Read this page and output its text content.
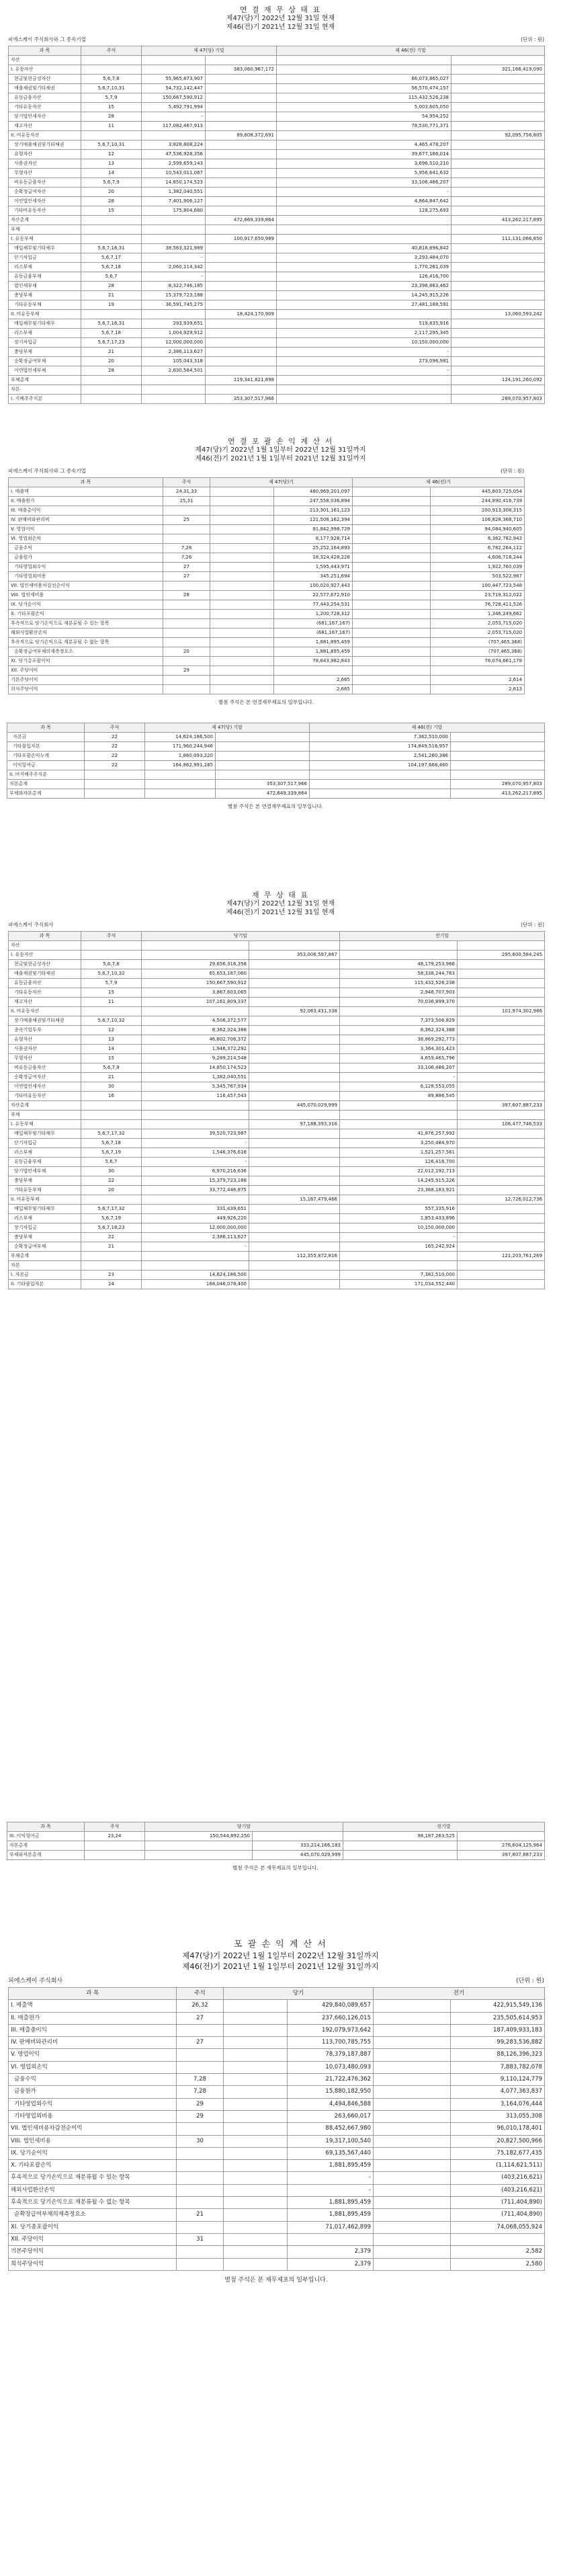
연 결 재 무 상 태 표
제47(당)기 2022년 12월 31일 현재
제46(전)기 2021년 12월 31일 현재
피에스케이 주식회사와 그 종속기업	(단위 : 원)
과 목	주석	제 47(당) 기말		제 46(전) 기말	
자산					
I. 유동자산			383,060,967,172		321,166,419,090
현금및현금성자산	5,6,7,8	55,965,873,907		66,073,865,027	
매출채권및기타채권	5,6,7,10,31	54,732,142,447		56,570,474,157	
유동금융자산	5,7,9	150,667,590,912		115,432,526,238	
기타유동자산	15	5,492,791,994		5,003,605,050	
당기법인세자산	28	-		54,954,252	
재고자산	11	117,082,467,913		78,530,771,371	
II. 비유동자산			89,608,372,691		92,095,756,805
장기매출채권및기타채권	5,6,7,10,31	3,828,808,224		4,465,478,207	
유형자산	12	47,536,928,356		39,677,166,014	
사용권자산	13	2,599,659,143		3,696,510,210	
무형자산	14	10,543,011,067		5,956,641,632	
비유동금융자산	5,6,7,9	14,850,174,523		33,106,486,207	
순확정급여자산	20	1,382,040,551		-	
이연법인세자산	28	7,401,906,127		4,864,847,642	
기타비유동자산	15	175,804,680		128,275,693	
자산총계			472,669,339,864		413,262,217,895
부채					
I. 유동부채			100,917,650,989		111,131,066,850
매입채무및기타채무	5,6,7,16,31	38,563,321,989		40,816,896,842	
단기차입금	5,6,7,17	-		3,293,484,070	
리스부채	5,6,7,18	2,060,114,342		1,770,261,039	
유동금융부채	5,6,7	-		126,416,700	
법인세부채	28	8,322,746,185		23,396,863,462	
충당부채	21	15,379,723,188		14,245,915,226	
기타유동부채	19	36,591,745,275		27,481,188,591	
II. 비유동부채			18,424,170,909		13,060,593,242
매입채무및기타채무	5,6,7,16,31	293,939,651		519,835,916	
리스부채	5,6,7,18	1,004,929,912		2,117,295,345	
장기차입금	5,6,7,17,23	12,000,000,000		10,150,000,000	
충당부채	21	2,386,113,627		-	
순확정급여부채	20	105,043,318		273,096,981	
이연법인세부채	28	2,630,584,501		-	
부채총계			119,341,821,898		124,191,260,092
자본					
I. 지배주주지분			353,307,517,966		289,070,957,803
연 결 포 괄 손 익 계 산 서
제47(당)기 2022년 1월 1일부터 2022년 12월 31일까지
제46(전)기 2021년 1월 1일부터 2021년 12월 31일까지
피에스케이 주식회사와 그 종속기업	(단위 : 원)
과 목	주석	제 47(당)기		제 46(전)기	
I. 매출액	24,31,33		480,969,201,097		445,803,725,054
II. 매출원가	25,31		247,558,036,894		244,890,416,739
III. 매출총이익			213,301,161,123		200,913,308,315
IV. 판매비와관리비	25		121,508,162,394		106,828,368,710
V. 영업이익			91,842,998,729		94,084,940,605
VI. 영업외손익			8,177,928,714		6,362,782,943
금융수익	7,26		25,252,164,893		6,782,264,112
금융원가	7,26		18,324,428,228		4,606,718,244
기타영업외수익	27		1,595,443,971		1,922,760,039
기타영업외비용	27		345,251,694		503,522,967
VII. 법인세비용차감전순이익			100,020,927,443		100,447,723,548
VIII. 법인세비용	28		22,577,672,910		23,719,312,022
IX. 당기순이익			77,443,254,531		76,728,411,526
X. 기타포괄손익			1,200,728,312		1,346,249,662
후속적으로 당기손익으로 재분류될 수 있는 항목			(681,167,167)		2,053,715,020
해외사업환산손익			(681,167,167)		2,053,715,020
후속적으로 당기손익으로 재분류될 수 없는 항목			1,881,895,459		(707,465,368)
순확정급여부채의재측정요소	20		1,881,895,459		(707,465,368)
XI. 당기총포괄이익			78,643,982,843		78,074,661,178
XII. 주당이익	29				
기본주당이익			2,665		2,614
희석주당이익			2,665		2,613
별첨 주석은 본 연결재무제표의 일부입니다.
과 목	주석	제 47(당) 기말		제 46(전) 기말	
자본금	22	14,624,186,500		7,382,510,000	
기타불입자본	22	171,960,244,946		174,849,516,957	
기타포괄손익누계	22	1,860,093,220		2,541,260,386	
이익잉여금	22	164,862,991,285		104,197,668,460	
II. 비지배주주지분					
자본총계			353,307,517,966		289,070,957,803
부채와자본총계			472,649,339,864		413,262,217,895
별첨 주석은 본 연결재무제표의 일부입니다.
재 무 상 태 표
제47(당)기 2022년 12월 31일 현재
제46(전)기 2021년 12월 31일 현재
피에스케이 주식회사	(단위 : 원)
과 목	주석	당기말		전기말	
자산					
I. 유동자산			353,006,597,867		295,600,584,245
현금및현금성자산	5,6,7,8	29,656,316,358		48,179,253,966	
매출채권및기타채권	5,6,7,10,32	65,653,187,060		58,338,244,763	
유동금융자산	5,7,9	150,667,590,912		115,432,526,238	
기타유동자산	15	3,867,603,065		2,946,707,903	
재고자산	11	107,161,809,337		70,036,899,370	
II. 비유동자산			92,063,431,338		101,974,302,986
장기매출채권및기타채권	5,6,7,10,32	4,506,372,577		7,373,506,829	
종속기업투자	12	8,362,324,388		8,362,324,388	
유형자산	13	46,802,706,372		38,869,292,773	
사용권자산	14	1,946,372,292		3,364,301,423	
무형자산	15	9,289,214,548		4,659,465,796	
비유동금융자산	5,6,7,9	14,850,174,523		33,106,486,207	
순확정급여자산	21	1,382,040,551		-	
이연법인세자산	30	5,345,767,934		6,128,553,055	
기타비유동자산	16	116,457,543		89,886,545	
자산총계			445,070,029,999		397,607,887,233
부채					
I. 유동부채			97,188,393,316		106,477,746,533
매입채무및기타채무	5,6,7,17,32	39,520,723,987		41,876,257,992	
단기차입금	5,6,7,18	-		3,250,484,970	
리스부채	5,6,7,19	1,546,376,618		1,521,257,561	
유동금융부채	5,6,7	-		126,416,700	
당기법인세부채	30	6,970,216,636		22,012,192,713	
충당부채	22	15,379,723,188		14,245,915,226	
기타유동부채	20	33,772,446,875		23,368,183,921	
II. 비유동부채			15,167,479,466		12,726,012,736
매입채무및기타채무	5,6,7,17,32	331,439,651		557,335,916	
리스부채	5,6,7,19	449,926,220		1,853,433,896	
장기차입금	5,6,7,18,23	12,000,000,000		10,150,000,000	
충당부채	22	2,386,113,627		-	
순확정급여부채	21	-		165,242,924	
부채총계			112,355,872,816		121,203,761,269
자본					
I. 자본금	23	14,624,186,500		7,382,510,000	
II. 기타불입자본	24	168,046,078,400		171,034,552,440	
과 목	주석	당기말		전기말	
III. 이익잉여금	23,24	150,544,892,250		98,187,263,525	
자본총계			333,214,166,183		276,604,125,964
부채와자본총계			445,070,029,999		397,807,887,233
별첨 주석은 본 재무제표의 일부입니다.
포 괄 손 익 계 산 서
제47(당)기 2022년 1월 1일부터 2022년 12월 31일까지
제46(전)기 2021년 1월 1일부터 2021년 12월 31일까지
피에스케이 주식회사	(단위 : 원)
과 목	주석	당기		전기	
I. 매출액	26,32		429,840,089,657		422,915,549,136
II. 매출원가	27		237,660,126,015		235,505,614,953
III. 매출총이익			192,079,973,642		187,409,933,183
IV. 판매비와관리비	27		113,700,785,755		99,283,536,882
V. 영업이익			78,379,187,887		88,126,396,323
VI. 영업외손익			10,073,480,093		7,883,782,078
금융수익	7,28		21,722,476,362		9,110,124,779
금융원가	7,28		15,880,182,950		4,077,363,837
기타영업외수익	29		4,494,846,588		3,164,076,444
기타영업외비용	29		263,660,017		313,055,308
VII. 법인세비용차감전순이익			88,452,667,980		96,010,178,401
VIII. 법인세비용	30		19,317,100,540		20,827,500,966
IX. 당기순이익			69,135,567,440		75,182,677,435
X. 기타포괄손익			1,881,895,459		(1,114,621,511)
후속적으로 당기손익으로 재분류될 수 있는 항목			-		(403,216,621)
해외사업환산손익			-		(403,216,621)
후속적으로 당기손익으로 재분류될 수 없는 항목			1,881,895,459		(711,404,890)
순확정급여부채의재측정요소	21		1,881,895,459		(711,404,890)
XI. 당기총포괄이익			71,017,462,899		74,068,055,924
XII. 주당이익	31				
기본주당이익			2,379		2,582
희석주당이익			2,379		2,580
별첨 주석은 본 재무제표의 일부입니다.
